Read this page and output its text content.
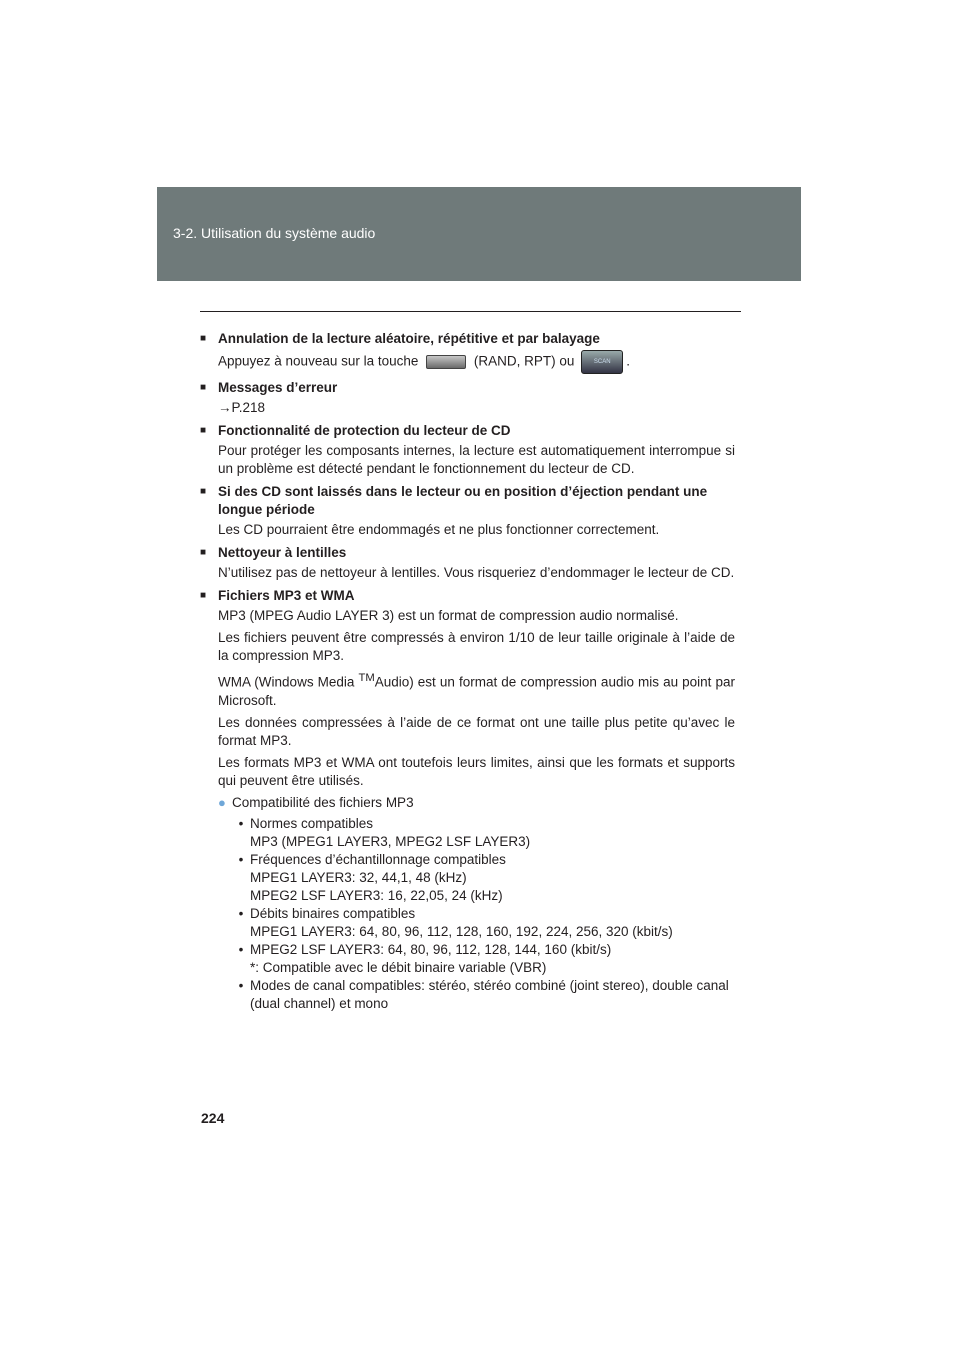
3-2. Utilisation du système audio
■ Annulation de la lecture aléatoire, répétitive et par balayage
Appuyez à nouveau sur la touche	(RAND, RPT) ou	SCAN .
■ Messages d’erreur
→P.218
■ Fonctionnalité de protection du lecteur de CD
Pour protéger les composants internes, la lecture est automatiquement interrompue si un problème est détecté pendant le fonctionnement du lecteur de CD.
■ Si des CD sont laissés dans le lecteur ou en position d’éjection pendant une longue période
Les CD pourraient être endommagés et ne plus fonctionner correctement.
■ Nettoyeur à lentilles
N’utilisez pas de nettoyeur à lentilles. Vous risqueriez d’endommager le lecteur de CD.
■ Fichiers MP3 et WMA
MP3 (MPEG Audio LAYER 3) est un format de compression audio normalisé.
Les fichiers peuvent être compressés à environ 1/10 de leur taille originale à l’aide de la compression MP3.
WMA (Windows Media ™Audio) est un format de compression audio mis au point par Microsoft.
Les données compressées à l’aide de ce format ont une taille plus petite qu’avec le format MP3.
Les formats MP3 et WMA ont toutefois leurs limites, ainsi que les formats et supports qui peuvent être utilisés.
● Compatibilité des fichiers MP3
• Normes compatibles
MP3 (MPEG1 LAYER3, MPEG2 LSF LAYER3)
• Fréquences d’échantillonnage compatibles
MPEG1 LAYER3: 32, 44,1, 48 (kHz)
MPEG2 LSF LAYER3: 16, 22,05, 24 (kHz)
• Débits binaires compatibles
MPEG1 LAYER3: 64, 80, 96, 112, 128, 160, 192, 224, 256, 320 (kbit/s)
• MPEG2 LSF LAYER3: 64, 80, 96, 112, 128, 144, 160 (kbit/s)
*: Compatible avec le débit binaire variable (VBR)
• Modes de canal compatibles: stéréo, stéréo combiné (joint stereo), double canal (dual channel) et mono
224
